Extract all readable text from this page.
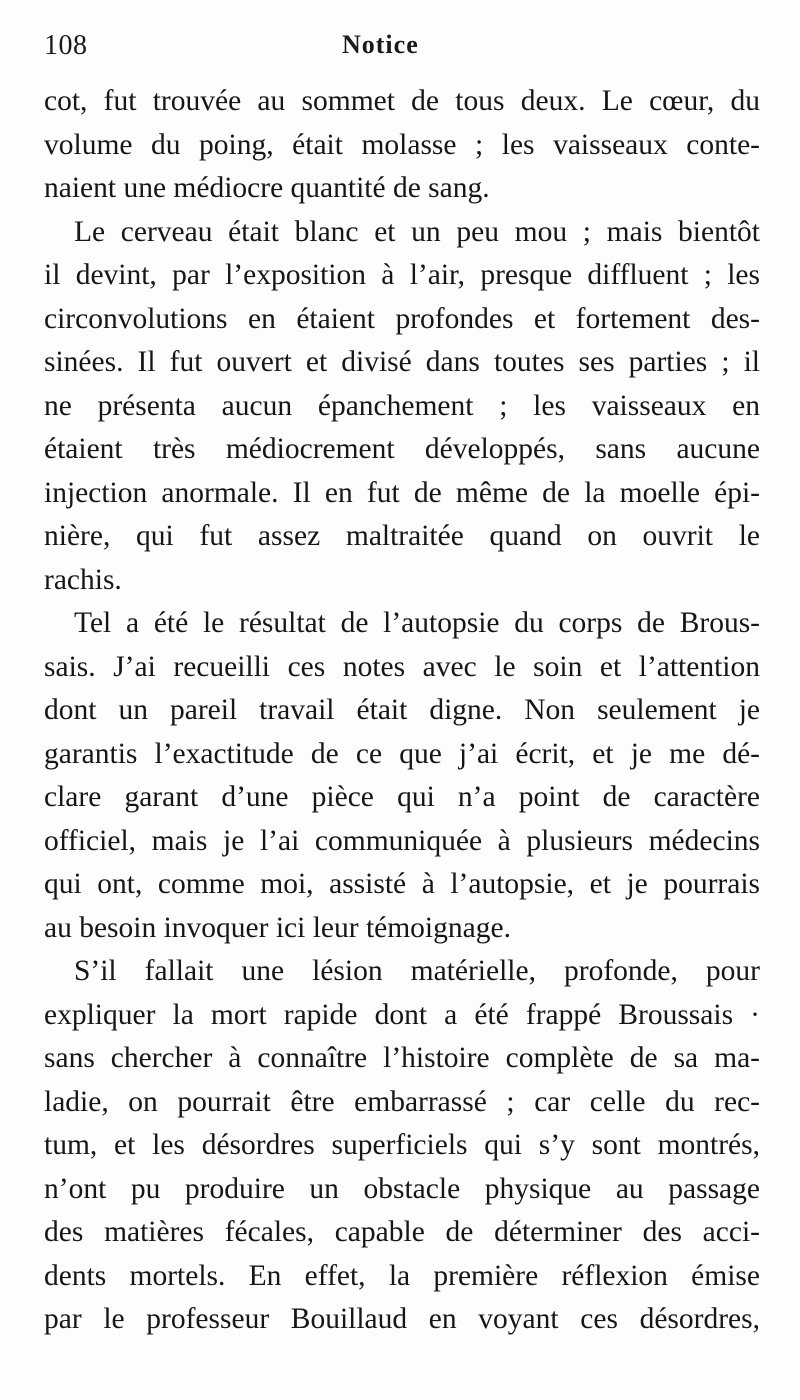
108	Notice
cot, fut trouvée au sommet de tous deux. Le cœur, du
volume du poing, était molasse ; les vaisseaux conte-
naient une médiocre quantité de sang.
Le cerveau était blanc et un peu mou ; mais bientôt
il devint, par l’exposition à l’air, presque diffluent ; les
circonvolutions en étaient profondes et fortement des-
sinées. Il fut ouvert et divisé dans toutes ses parties ; il
ne présenta aucun épanchement ; les vaisseaux en
étaient très médiocrement développés, sans aucune
injection anormale. Il en fut de même de la moelle épi-
nière, qui fut assez maltraitée quand on ouvrit le
rachis.
Tel a été le résultat de l’autopsie du corps de Brous-
sais. J’ai recueilli ces notes avec le soin et l’attention
dont un pareil travail était digne. Non seulement je
garantis l’exactitude de ce que j’ai écrit, et je me dé-
clare garant d’une pièce qui n’a point de caractère
officiel, mais je l’ai communiquée à plusieurs médecins
qui ont, comme moi, assisté à l’autopsie, et je pourrais
au besoin invoquer ici leur témoignage.
S’il fallait une lésion matérielle, profonde, pour
expliquer la mort rapide dont a été frappé Broussais ·
sans chercher à connaître l’histoire complète de sa ma-
ladie, on pourrait être embarrassé ; car celle du rec-
tum, et les désordres superficiels qui s’y sont montrés,
n’ont pu produire un obstacle physique au passage
des matières fécales, capable de déterminer des acci-
dents mortels. En effet, la première réflexion émise
par le professeur Bouillaud en voyant ces désordres,
